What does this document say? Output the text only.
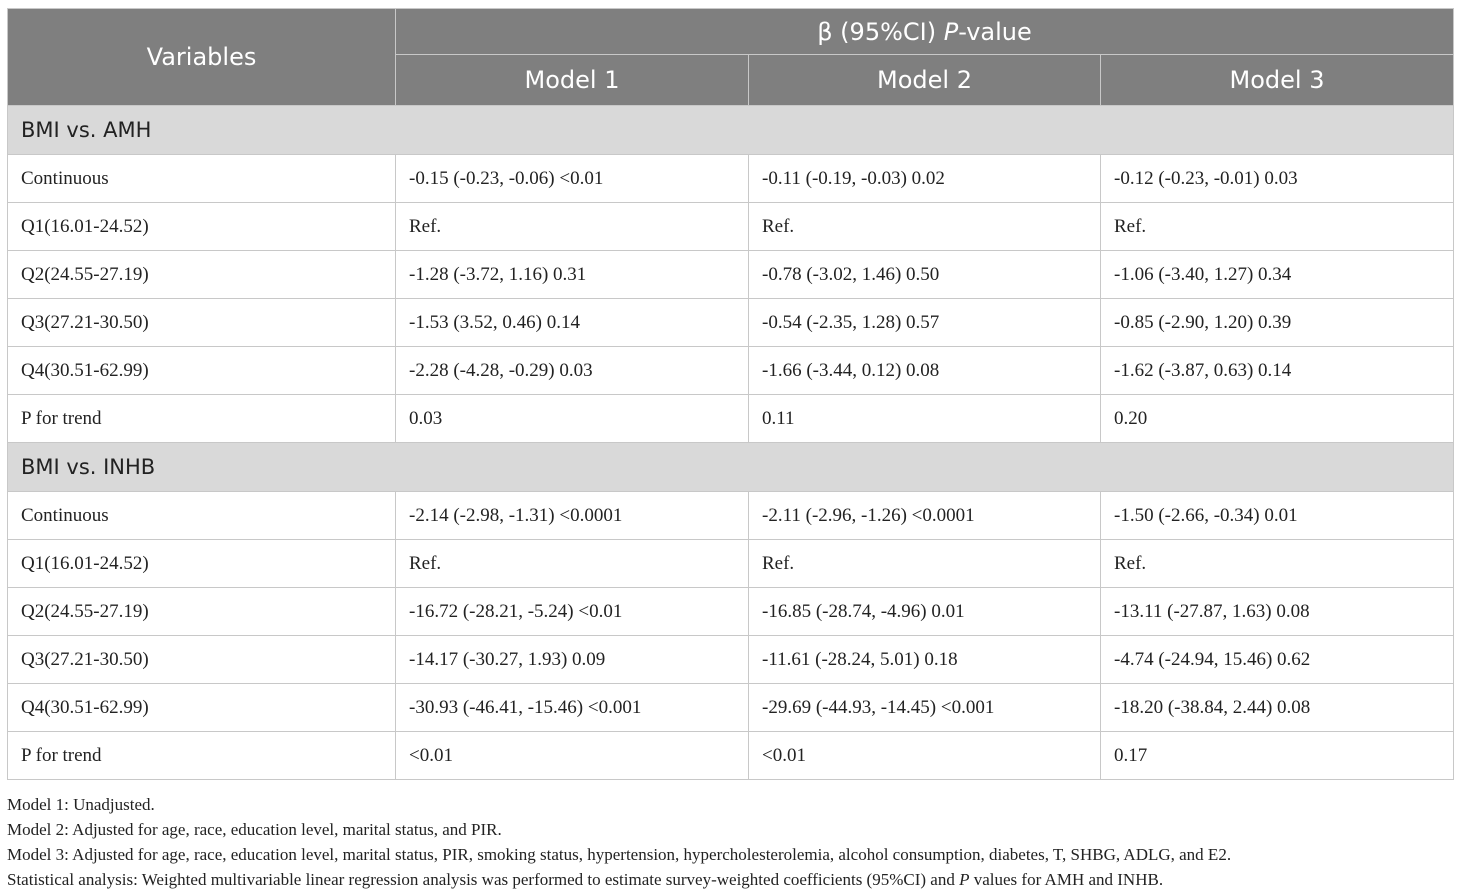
Variables	β (95%CI) P-value		
	Model 1	Model 2	Model 3
BMI vs. AMH			
Continuous	-0.15 (-0.23, -0.06) <0.01	-0.11 (-0.19, -0.03) 0.02	-0.12 (-0.23, -0.01) 0.03
Q1(16.01-24.52)	Ref.	Ref.	Ref.
Q2(24.55-27.19)	-1.28 (-3.72, 1.16) 0.31	-0.78 (-3.02, 1.46) 0.50	-1.06 (-3.40, 1.27) 0.34
Q3(27.21-30.50)	-1.53 (3.52, 0.46) 0.14	-0.54 (-2.35, 1.28) 0.57	-0.85 (-2.90, 1.20) 0.39
Q4(30.51-62.99)	-2.28 (-4.28, -0.29) 0.03	-1.66 (-3.44, 0.12) 0.08	-1.62 (-3.87, 0.63) 0.14
P for trend	0.03	0.11	0.20
BMI vs. INHB			
Continuous	-2.14 (-2.98, -1.31) <0.0001	-2.11 (-2.96, -1.26) <0.0001	-1.50 (-2.66, -0.34) 0.01
Q1(16.01-24.52)	Ref.	Ref.	Ref.
Q2(24.55-27.19)	-16.72 (-28.21, -5.24) <0.01	-16.85 (-28.74, -4.96) 0.01	-13.11 (-27.87, 1.63) 0.08
Q3(27.21-30.50)	-14.17 (-30.27, 1.93) 0.09	-11.61 (-28.24, 5.01) 0.18	-4.74 (-24.94, 15.46) 0.62
Q4(30.51-62.99)	-30.93 (-46.41, -15.46) <0.001	-29.69 (-44.93, -14.45) <0.001	-18.20 (-38.84, 2.44) 0.08
P for trend	<0.01	<0.01	0.17
Model 1: Unadjusted.
Model 2: Adjusted for age, race, education level, marital status, and PIR.
Model 3: Adjusted for age, race, education level, marital status, PIR, smoking status, hypertension, hypercholesterolemia, alcohol consumption, diabetes, T, SHBG, ADLG, and E2.
Statistical analysis: Weighted multivariable linear regression analysis was performed to estimate survey-weighted coefficients (95%CI) and P values for AMH and INHB.
